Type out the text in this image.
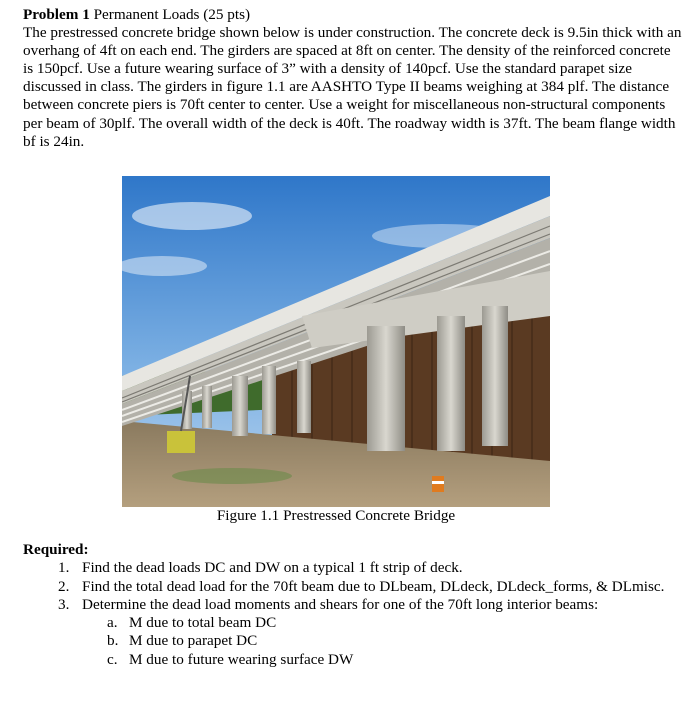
Problem 1 Permanent Loads (25 pts)
The prestressed concrete bridge shown below is under construction. The concrete deck is 9.5in thick with an overhang of 4ft on each end. The girders are spaced at 8ft on center. The density of the reinforced concrete is 150pcf. Use a future wearing surface of 3” with a density of 140pcf. Use the standard parapet size discussed in class. The girders in figure 1.1 are AASHTO Type II beams weighing at 384 plf. The distance between concrete piers is 70ft center to center. Use a weight for miscellaneous non-structural components per beam of 30plf. The overall width of the deck is 40ft. The roadway width is 37ft. The beam flange width bf is 24in.

Figure 1.1 Prestressed Concrete Bridge

Required:

1. Find the dead loads DC and DW on a typical 1 ft strip of deck.
2. Find the total dead load for the 70ft beam due to DLbeam, DLdeck, DLdeck_forms, & DLmisc.
3. Determine the dead load moments and shears for one of the 70ft long interior beams:
a. M due to total beam DC
b. M due to parapet DC
c. M due to future wearing surface DW
